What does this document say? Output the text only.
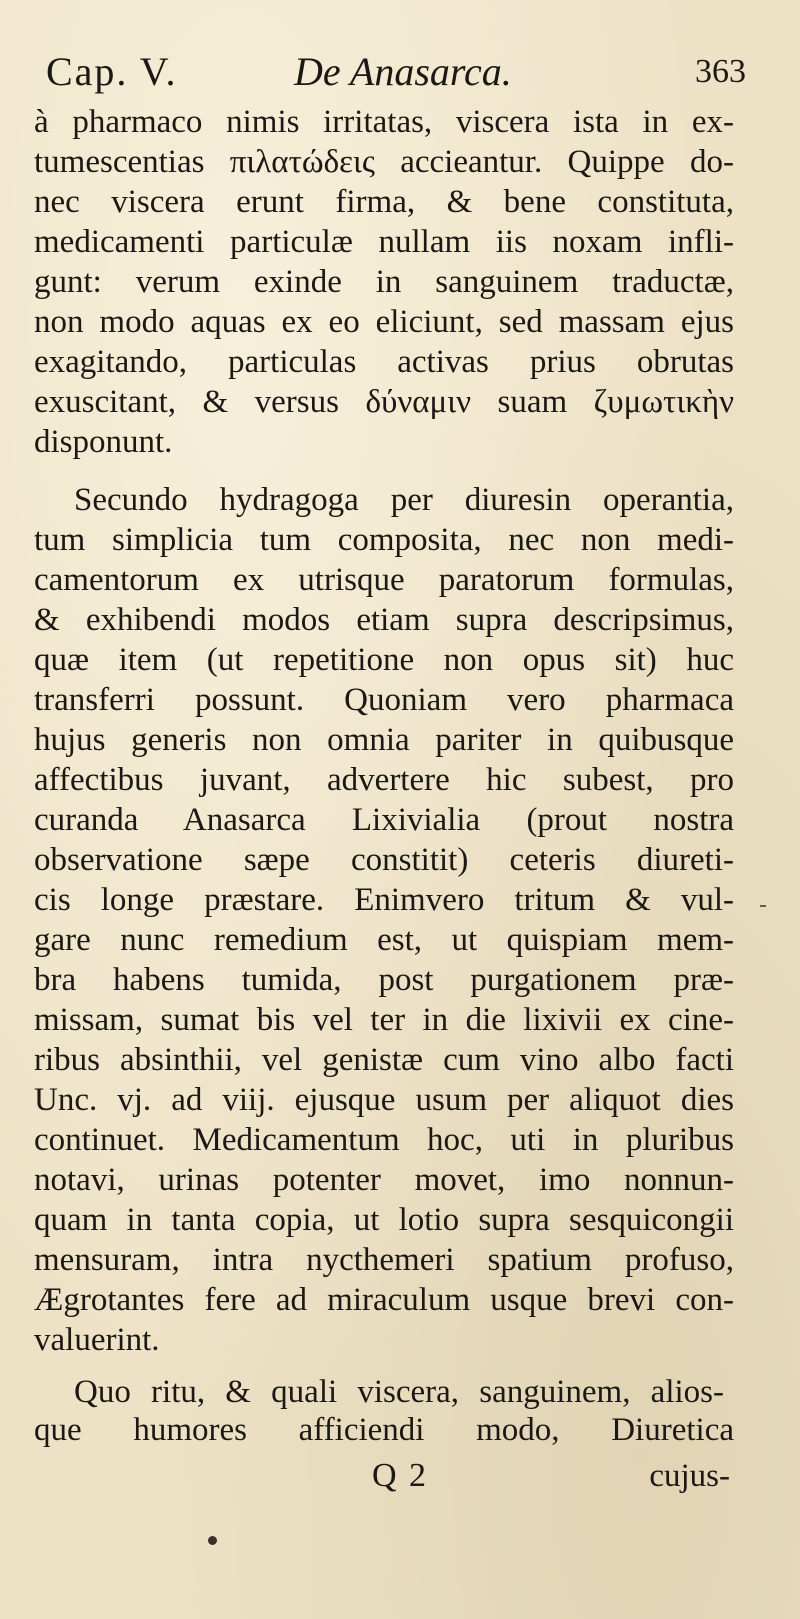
Cap. V.	De Anasarca.	363
à pharmaco nimis irritatas, viscera ista in ex-
tumescentias πιλατώδεις accieantur. Quippe do-
nec viscera erunt firma, & bene constituta,
medicamenti particulæ nullam iis noxam infli-
gunt: verum exinde in sanguinem traductæ,
non modo aquas ex eo eliciunt, sed massam ejus
exagitando, particulas activas prius obrutas
exuscitant, & versus δύναμιν suam ζυμωτικὴν
disponunt.
Secundo hydragoga per diuresin operantia,
tum simplicia tum composita, nec non medi-
camentorum ex utrisque paratorum formulas,
& exhibendi modos etiam supra descripsimus,
quæ item (ut repetitione non opus sit) huc
transferri possunt. Quoniam vero pharmaca
hujus generis non omnia pariter in quibusque
affectibus juvant, advertere hic subest, pro
curanda Anasarca Lixivialia (prout nostra
observatione sæpe constitit) ceteris diureti-
cis longe præstare. Enimvero tritum & vul-
gare nunc remedium est, ut quispiam mem-
bra habens tumida, post purgationem præ-
missam, sumat bis vel ter in die lixivii ex cine-
ribus absinthii, vel genistæ cum vino albo facti
Unc. vj. ad viij. ejusque usum per aliquot dies
continuet. Medicamentum hoc, uti in pluribus
notavi, urinas potenter movet, imo nonnun-
quam in tanta copia, ut lotio supra sesquicongii
mensuram, intra nycthemeri spatium profuso,
Ægrotantes fere ad miraculum usque brevi con-
valuerint.
Quo ritu, & quali viscera, sanguinem, alios-
que humores afficiendi modo, Diuretica
Q 2	cujus-
